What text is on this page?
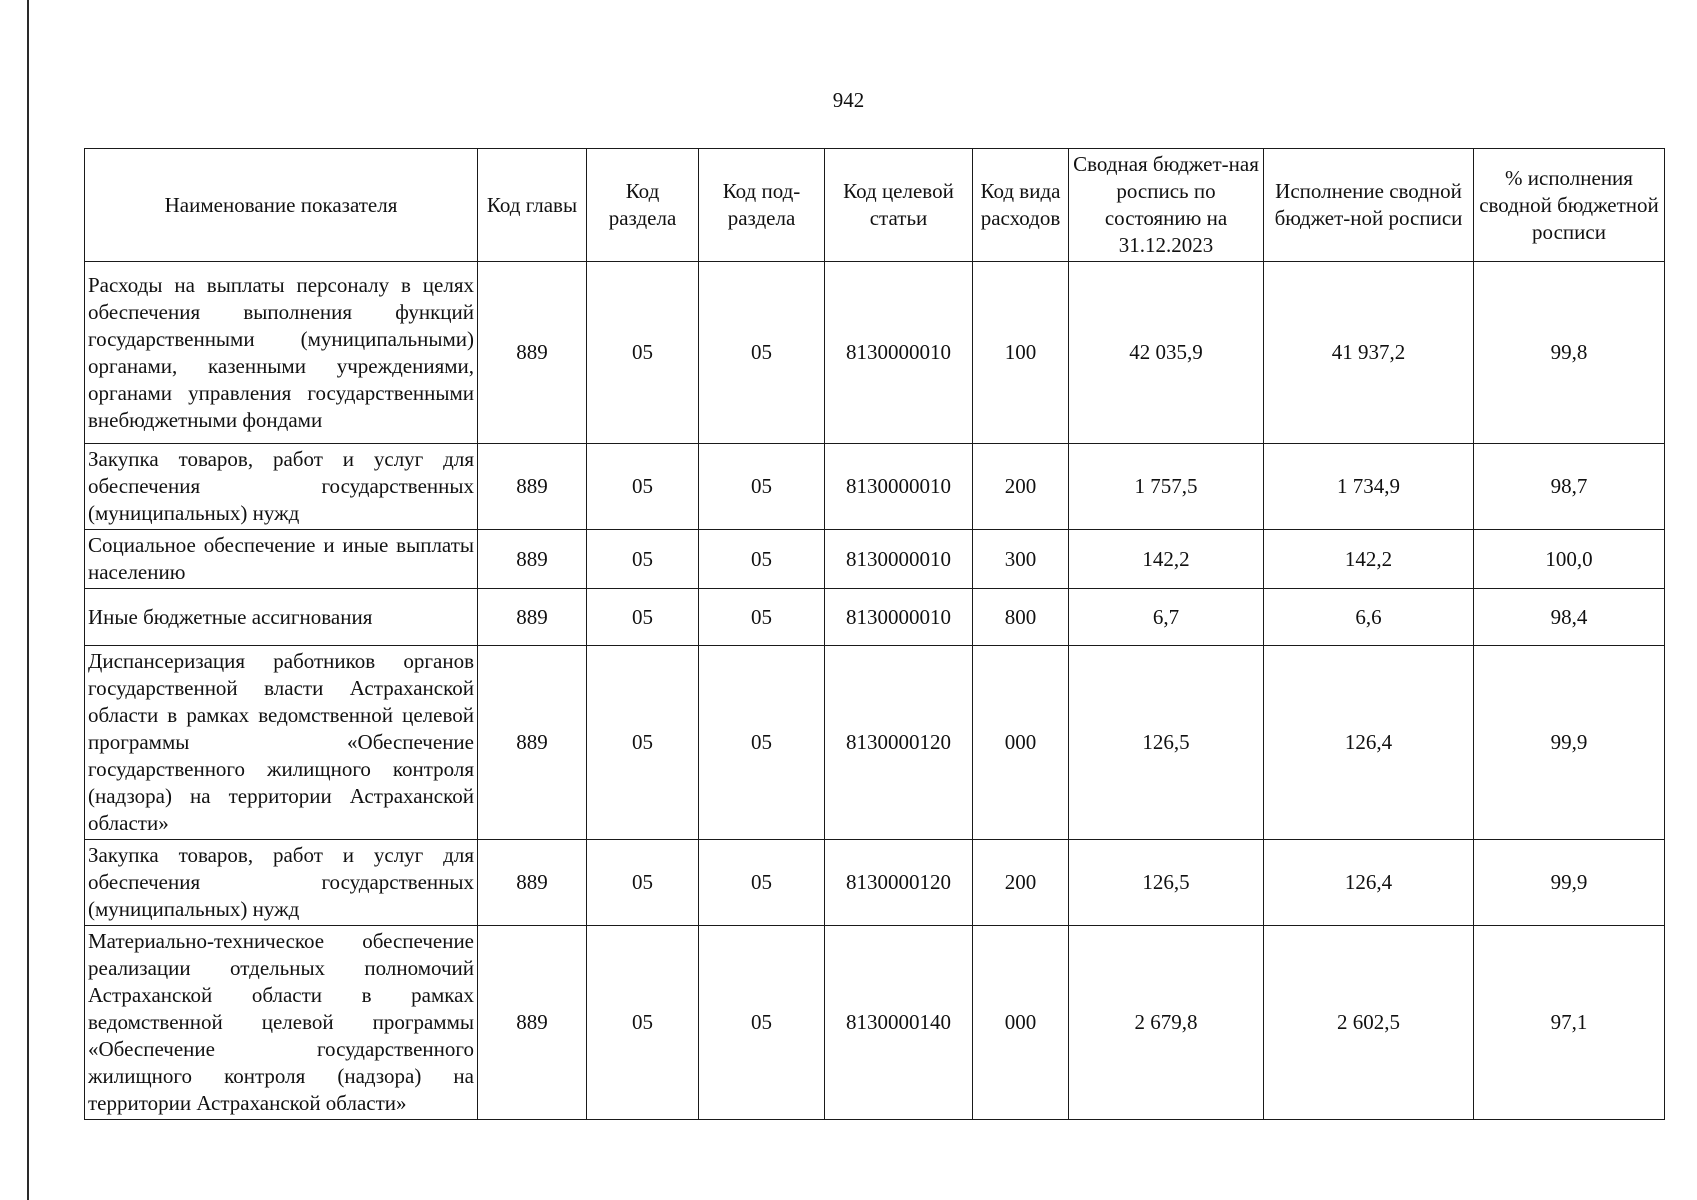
942
Наименование показателя	Код главы	Код раздела	Код под-раздела	Код целевой статьи	Код вида расходов	Сводная бюджет-ная роспись по состоянию на 31.12.2023	Исполнение сводной бюджет-ной росписи	% исполнения сводной бюджетной росписи
Расходы на выплаты персоналу в целях обеспечения выполнения функций государственными (муниципальными) органами, казенными учреждениями, органами управления государственными внебюджетными фондами	889	05	05	8130000010	100	42 035,9	41 937,2	99,8
Закупка товаров, работ и услуг для обеспечения государственных (муниципальных) нужд	889	05	05	8130000010	200	1 757,5	1 734,9	98,7
Социальное обеспечение и иные выплаты населению	889	05	05	8130000010	300	142,2	142,2	100,0
Иные бюджетные ассигнования	889	05	05	8130000010	800	6,7	6,6	98,4
Диспансеризация работников органов государственной власти Астраханской области в рамках ведомственной целевой программы «Обеспечение государственного жилищного контроля (надзора) на территории Астраханской области»	889	05	05	8130000120	000	126,5	126,4	99,9
Закупка товаров, работ и услуг для обеспечения государственных (муниципальных) нужд	889	05	05	8130000120	200	126,5	126,4	99,9
Материально-техническое обеспечение реализации отдельных полномочий Астраханской области в рамках ведомственной целевой программы «Обеспечение государственного жилищного контроля (надзора) на территории Астраханской области»	889	05	05	8130000140	000	2 679,8	2 602,5	97,1
